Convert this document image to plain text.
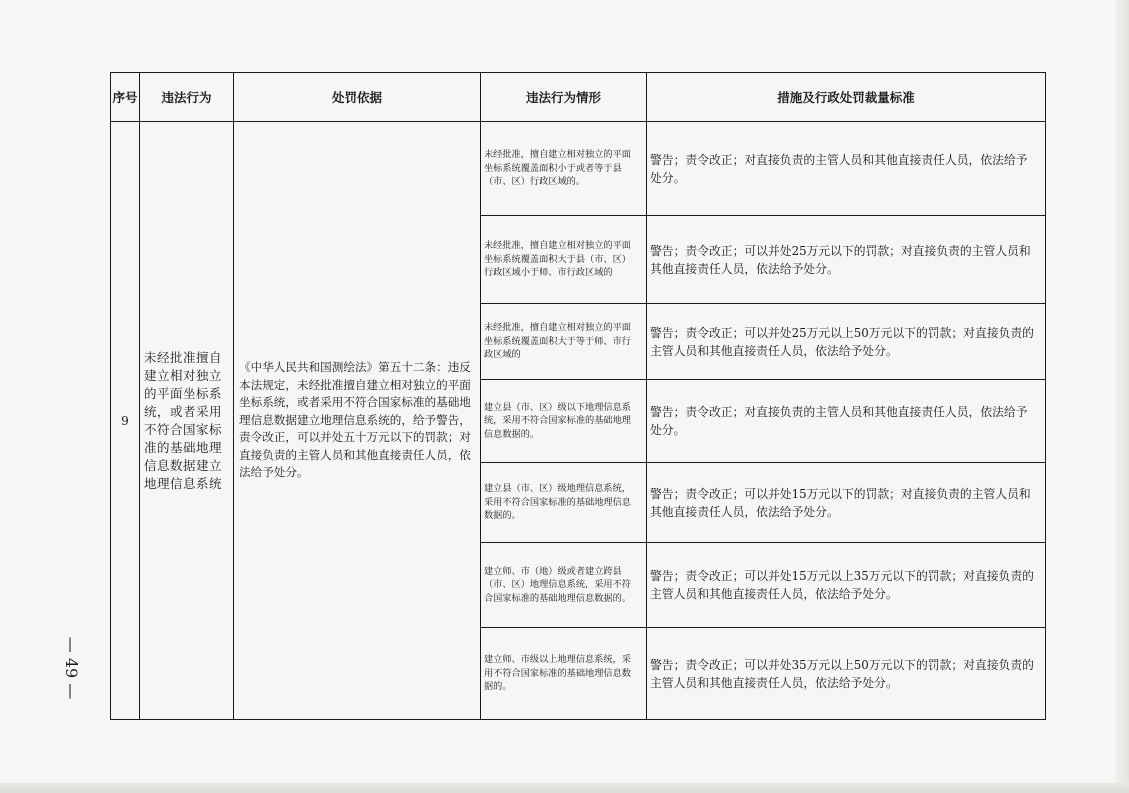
— 49 —
序号	违法行为	处罚依据	违法行为情形	措施及行政处罚裁量标准
9	未经批准擅自建立相对独立的平面坐标系统，或者采用不符合国家标准的基础地理信息数据建立地理信息系统	《中华人民共和国测绘法》第五十二条：违反本法规定，未经批准擅自建立相对独立的平面坐标系统，或者采用不符合国家标准的基础地理信息数据建立地理信息系统的，给予警告，责令改正，可以并处五十万元以下的罚款；对直接负责的主管人员和其他直接责任人员，依法给予处分。	未经批准，擅自建立相对独立的平面坐标系统覆盖面积小于或者等于县（市、区）行政区域的。	警告；责令改正；对直接负责的主管人员和其他直接责任人员，依法给予处分。
			未经批准，擅自建立相对独立的平面坐标系统覆盖面积大于县（市、区）行政区域小于师、市行政区域的	警告；责令改正；可以并处25万元以下的罚款；对直接负责的主管人员和其他直接责任人员，依法给予处分。
			未经批准，擅自建立相对独立的平面坐标系统覆盖面积大于等于师、市行政区域的	警告；责令改正；可以并处25万元以上50万元以下的罚款；对直接负责的主管人员和其他直接责任人员，依法给予处分。
			建立县（市、区）级以下地理信息系统，采用不符合国家标准的基础地理信息数据的。	警告；责令改正；对直接负责的主管人员和其他直接责任人员，依法给予处分。
			建立县（市、区）级地理信息系统，采用不符合国家标准的基础地理信息数据的。	警告；责令改正；可以并处15万元以下的罚款；对直接负责的主管人员和其他直接责任人员，依法给予处分。
			建立师、市（地）级或者建立跨县（市、区）地理信息系统，采用不符合国家标准的基础地理信息数据的。	警告；责令改正；可以并处15万元以上35万元以下的罚款；对直接负责的主管人员和其他直接责任人员，依法给予处分。
			建立师、市级以上地理信息系统，采用不符合国家标准的基础地理信息数据的。	警告；责令改正；可以并处35万元以上50万元以下的罚款；对直接负责的主管人员和其他直接责任人员，依法给予处分。
